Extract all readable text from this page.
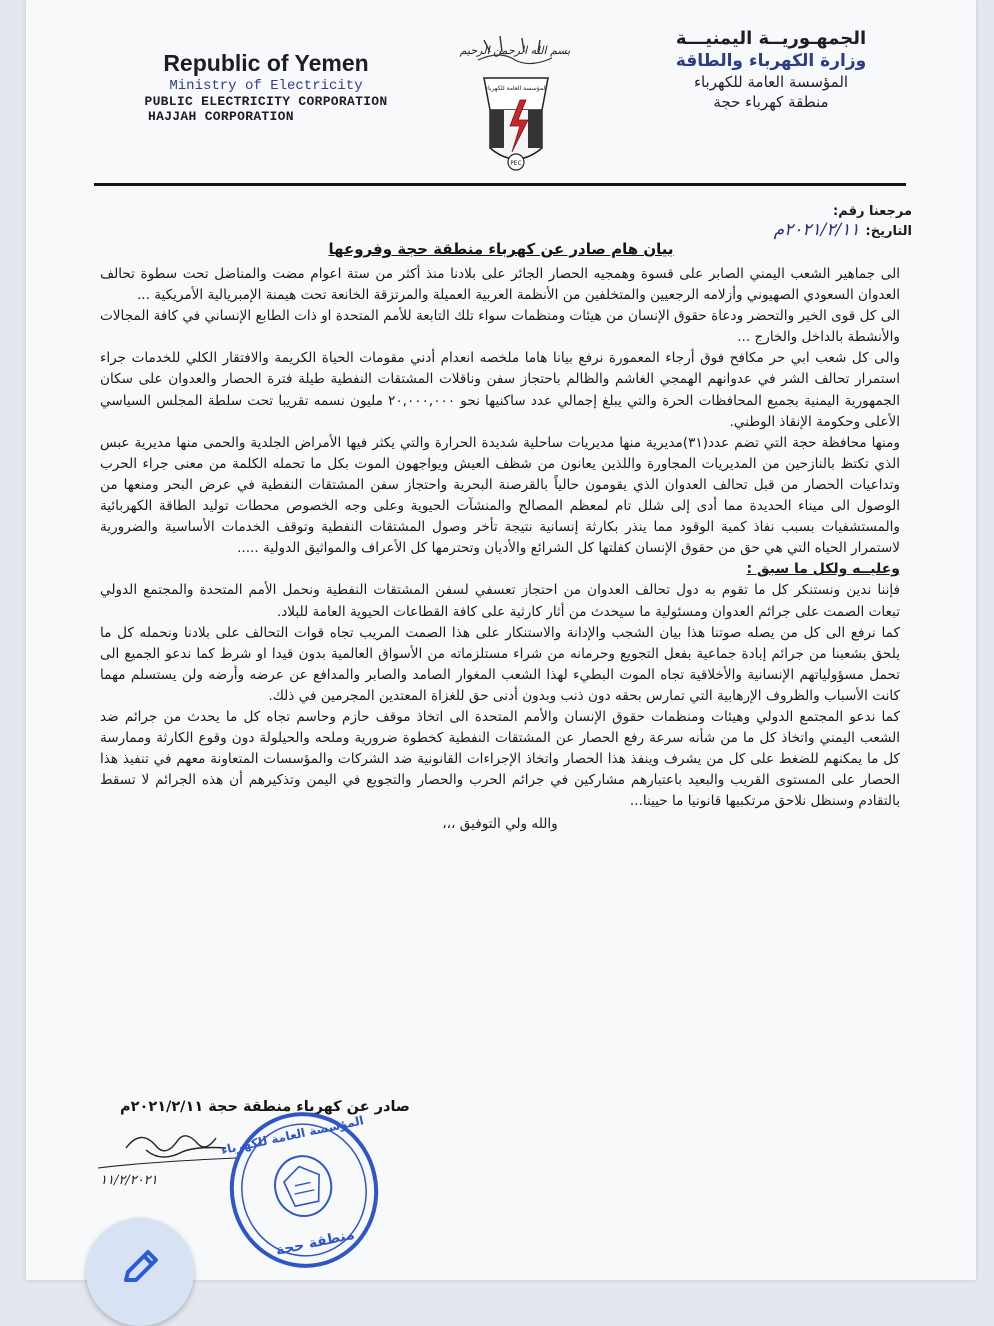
Republic of Yemen
Ministry of Electricity
PUBLIC ELECTRICITY CORPORATION
HAJJAH CORPORATION
بسم الله الرحمن الرحيم
المؤسسة العامة للكهرباء
PEC
الجمهـوريــة اليمنيـــة
وزارة الكهرباء والطاقة
المؤسسة العامة للكهرباء
منطقة كهرباء حجة
مرجعنا رقم:
التاريخ:٢٠٢١/٢/١١م
بيان هام صادر عن كهرباء منطقة حجة وفروعها

الى جماهير الشعب اليمني الصابر على قسوة وهمجيه الحصار الجائر على بلادنا منذ أكثر من ستة اعوام مضت والمناضل تحت سطوة تحالف العدوان السعودي الصهيوني وأزلامه الرجعيين والمتخلفين من الأنظمة العربية العميلة والمرتزقة الخانعة تحت هيمنة الإمبريالية الأمريكية ...

الى كل قوى الخير والتحضر ودعاة حقوق الإنسان من هيئات ومنظمات سواء تلك التابعة للأمم المتحدة او ذات الطابع الإنساني في كافة المجالات والأنشطة بالداخل والخارج ...

والى كل شعب ابي حر مكافح فوق أرجاء المعمورة نرفع بيانا هاما ملخصه انعدام أدني مقومات الحياة الكريمة والافتقار الكلي للخدمات جراء استمرار تحالف الشر في عدوانهم الهمجي الغاشم والظالم باحتجاز سفن وناقلات المشتقات النفطية طيلة فترة الحصار والعدوان على سكان الجمهورية اليمنية بجميع المحافظات الحرة والتي يبلغ إجمالي عدد ساكنيها نحو ٢٠,٠٠٠,٠٠٠ مليون نسمه تقريبا تحت سلطة المجلس السياسي الأعلى وحكومة الإنقاذ الوطني.

ومنها محافظة حجة التي تضم عدد(٣١)مديرية منها مديريات ساحلية شديدة الحرارة والتي يكثر فيها الأمراض الجلدية والحمى منها مديرية عبس الذي تكتظ بالنازحين من المديريات المجاورة واللذين يعانون من شظف العيش ويواجهون الموت بكل ما تحمله الكلمة من معنى جراء الحرب وتداعيات الحصار من قبل تحالف العدوان الذي يقومون حالياً بالقرصنة البحرية واحتجاز سفن المشتقات النفطية في عرض البحر ومنعها من الوصول الى ميناء الحديدة مما أدى إلى شلل تام لمعظم المصالح والمنشآت الحيوية وعلى وجه الخصوص محطات توليد الطاقة الكهربائية والمستشفيات بسبب نفاذ كمية الوقود مما ينذر بكارثة إنسانية نتيجة تأخر وصول المشتقات النفطية وتوقف الخدمات الأساسية والضرورية لاستمرار الحياه التي هي حق من حقوق الإنسان كفلتها كل الشرائع والأديان وتحترمها كل الأعراف والمواثيق الدولية .....

وعليــه ولكل ما سبق :

فإننا ندين ونستنكر كل ما تقوم به دول تحالف العدوان من احتجاز تعسفي لسفن المشتقات النفطية ونحمل الأمم المتحدة والمجتمع الدولي تبعات الصمت على جرائم العدوان ومسئولية ما سيحدث من أثار كارثية على كافة القطاعات الحيوية العامة للبلاد.

كما نرفع الى كل من يصله صوتنا هذا بيان الشجب والإدانة والاستنكار على هذا الصمت المريب تجاه قوات التحالف على بلادنا ونحمله كل ما يلحق بشعبنا من جرائم إبادة جماعية بفعل التجويع وحرمانه من شراء مستلزماته من الأسواق العالمية بدون قيدا او شرط كما ندعو الجميع الى تحمل مسؤولياتهم الإنسانية والأخلاقية تجاه الموت البطيء لهذا الشعب المغوار الصامد والصابر والمدافع عن عرضه وأرضه ولن يستسلم مهما كانت الأسباب والظروف الإرهابية التي تمارس بحقه دون ذنب وبدون أدنى حق للغزاة المعتدين المجرمين في ذلك.

كما ندعو المجتمع الدولي وهيئات ومنظمات حقوق الإنسان والأمم المتحدة الى اتخاذ موقف حازم وحاسم تجاه كل ما يحدث من جرائم ضد الشعب اليمني واتخاذ كل ما من شأنه سرعة رفع الحصار عن المشتقات النفطية كخطوة ضرورية وملحه والحيلولة دون وقوع الكارثة وممارسة كل ما يمكنهم للضغط على كل من يشرف وينفذ هذا الحصار واتخاذ الإجراءات القانونية ضد الشركات والمؤسسات المتعاونة معهم في تنفيذ هذا الحصار على المستوى القريب والبعيد باعتبارهم مشاركين في جرائم الحرب والحصار والتجويع في اليمن وتذكيرهم أن هذه الجرائم لا تسقط بالتقادم وسنظل نلاحق مرتكبيها قانونيا ما حيينا...

والله ولي التوفيق ،،،

صادر عن كهرباء منطقة حجة ٢٠٢١/٢/١١م
١١/٢/٢٠٢١
المؤسسة العامة للكهرباء
منطقة حجة
